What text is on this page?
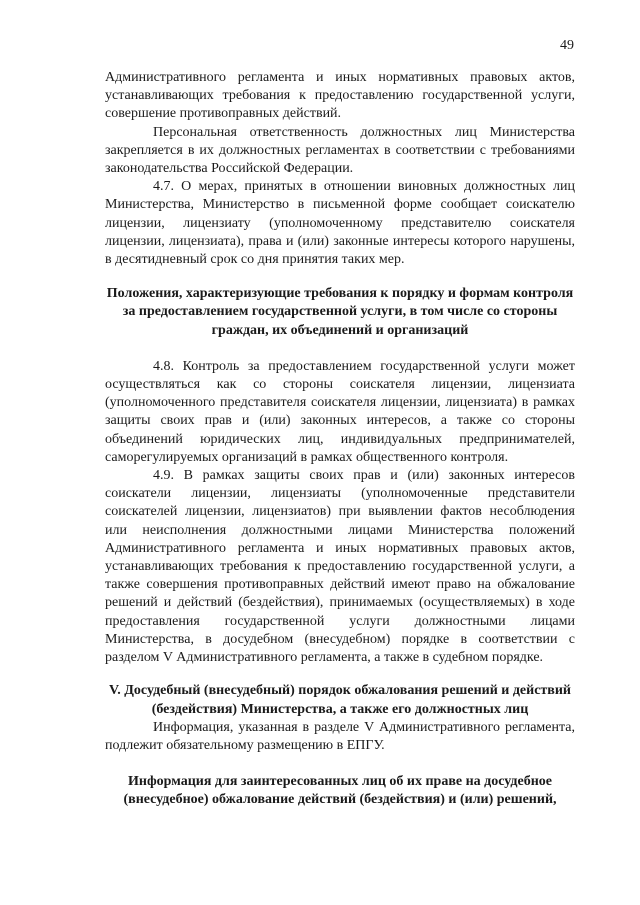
49

Административного регламента и иных нормативных правовых актов, устанавливающих требования к предоставлению государственной услуги, совершение противоправных действий.

Персональная ответственность должностных лиц Министерства закрепляется в их должностных регламентах в соответствии с требованиями законодательства Российской Федерации.

4.7. О мерах, принятых в отношении виновных должностных лиц Министерства, Министерство в письменной форме сообщает соискателю лицензии, лицензиату (уполномоченному представителю соискателя лицензии, лицензиата), права и (или) законные интересы которого нарушены, в десятидневный срок со дня принятия таких мер.

Положения, характеризующие требования к порядку и формам контроля за предоставлением государственной услуги, в том числе со стороны граждан, их объединений и организаций

4.8. Контроль за предоставлением государственной услуги может осуществляться как со стороны соискателя лицензии, лицензиата (уполномоченного представителя соискателя лицензии, лицензиата) в рамках защиты своих прав и (или) законных интересов, а также со стороны объединений юридических лиц, индивидуальных предпринимателей, саморегулируемых организаций в рамках общественного контроля.

4.9. В рамках защиты своих прав и (или) законных интересов соискатели лицензии, лицензиаты (уполномоченные представители соискателей лицензии, лицензиатов) при выявлении фактов несоблюдения или неисполнения должностными лицами Министерства положений Административного регламента и иных нормативных правовых актов, устанавливающих требования к предоставлению государственной услуги, а также совершения противоправных действий имеют право на обжалование решений и действий (бездействия), принимаемых (осуществляемых) в ходе предоставления государственной услуги должностными лицами Министерства, в досудебном (внесудебном) порядке в соответствии с разделом V Административного регламента, а также в судебном порядке.

V. Досудебный (внесудебный) порядок обжалования решений и действий (бездействия) Министерства, а также его должностных лиц

Информация, указанная в разделе V Административного регламента, подлежит обязательному размещению в ЕПГУ.

Информация для заинтересованных лиц об их праве на досудебное (внесудебное) обжалование действий (бездействия) и (или) решений,
